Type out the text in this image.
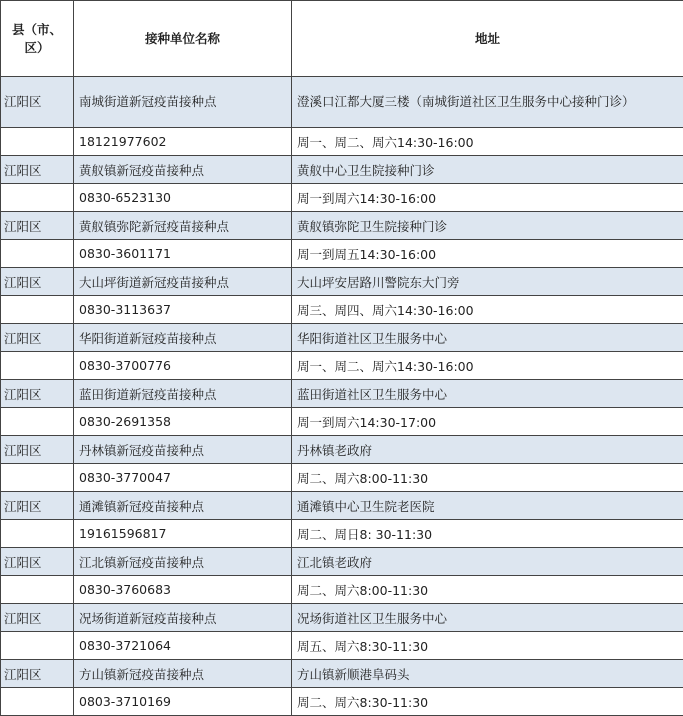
县（市、区）	接种单位名称	地址
江阳区	南城街道新冠疫苗接种点	澄溪口江都大厦三楼（南城街道社区卫生服务中心接种门诊）
	18121977602	周一、周二、周六14:30-16:00
江阳区	黄舣镇新冠疫苗接种点	黄舣中心卫生院接种门诊
	0830-6523130	周一到周六14:30-16:00
江阳区	黄舣镇弥陀新冠疫苗接种点	黄舣镇弥陀卫生院接种门诊
	0830-3601171	周一到周五14:30-16:00
江阳区	大山坪街道新冠疫苗接种点	大山坪安居路川警院东大门旁
	0830-3113637	周三、周四、周六14:30-16:00
江阳区	华阳街道新冠疫苗接种点	华阳街道社区卫生服务中心
	0830-3700776	周一、周二、周六14:30-16:00
江阳区	蓝田街道新冠疫苗接种点	蓝田街道社区卫生服务中心
	0830-2691358	周一到周六14:30-17:00
江阳区	丹林镇新冠疫苗接种点	丹林镇老政府
	0830-3770047	周二、周六8:00-11:30
江阳区	通滩镇新冠疫苗接种点	通滩镇中心卫生院老医院
	19161596817	周二、周日8: 30-11:30
江阳区	江北镇新冠疫苗接种点	江北镇老政府
	0830-3760683	周二、周六8:00-11:30
江阳区	况场街道新冠疫苗接种点	况场街道社区卫生服务中心
	0830-3721064	周五、周六8:30-11:30
江阳区	方山镇新冠疫苗接种点	方山镇新顺港阜码头
	0803-3710169	周二、周六8:30-11:30
